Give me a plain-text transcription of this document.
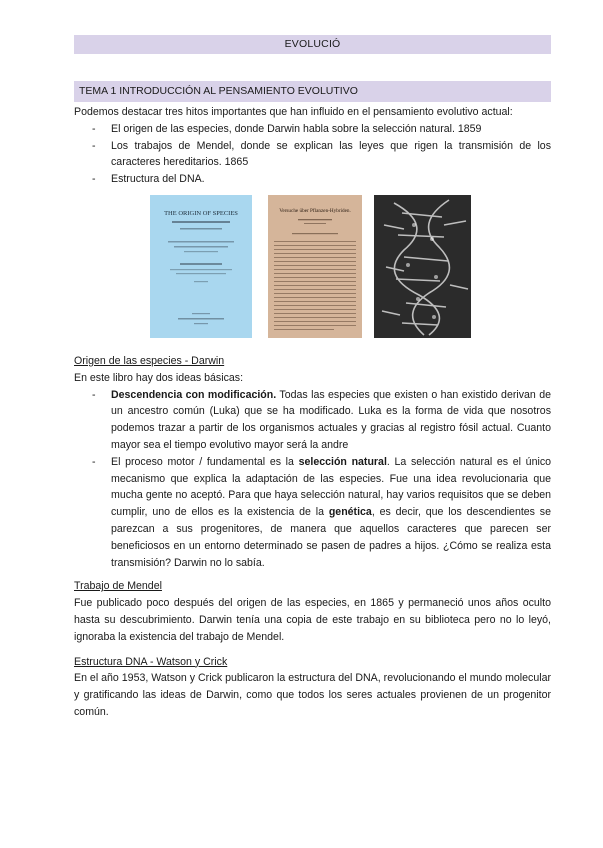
EVOLUCIÓ
TEMA 1 INTRODUCCIÓN AL PENSAMIENTO EVOLUTIVO

Podemos destacar tres hitos importantes que han influido en el pensamiento evolutivo actual:

- El origen de las especies, donde Darwin habla sobre la selección natural. 1859
- Los trabajos de Mendel, donde se explican las leyes que rigen la transmisión de los caracteres hereditarios. 1865
- Estructura del DNA.
THE ORIGIN OF SPECIES	Versuche über Pflanzen-Hybriden.
Origen de las especies - Darwin

En este libro hay dos ideas básicas:

- Descendencia con modificación. Todas las especies que existen o han existido derivan de un ancestro común (Luka) que se ha modificado. Luka es la forma de vida que nosotros podemos trazar a partir de los organismos actuales y gracias al registro fósil actual. Cuanto mayor sea el tiempo evolutivo mayor será la andre
- El proceso motor / fundamental es la selección natural. La selección natural es el único mecanismo que explica la adaptación de las especies. Fue una idea revolucionaria que mucha gente no aceptó. Para que haya selección natural, hay varios requisitos que se deben cumplir, uno de ellos es la existencia de la genética, es decir, que los descendientes se parezcan a sus progenitores, de manera que aquellos caracteres que parecen ser beneficiosos en un entorno determinado se pasen de padres a hijos. ¿Cómo se realiza esta transmisión? Darwin no lo sabía.
Trabajo de Mendel

Fue publicado poco después del origen de las especies, en 1865 y permaneció unos años oculto hasta su descubrimiento. Darwin tenía una copia de este trabajo en su biblioteca pero no lo leyó, ignoraba la existencia del trabajo de Mendel.

Estructura DNA - Watson y Crick

En el año 1953, Watson y Crick publicaron la estructura del DNA, revolucionando el mundo molecular y gratificando las ideas de Darwin, como que todos los seres actuales provienen de un progenitor común.
